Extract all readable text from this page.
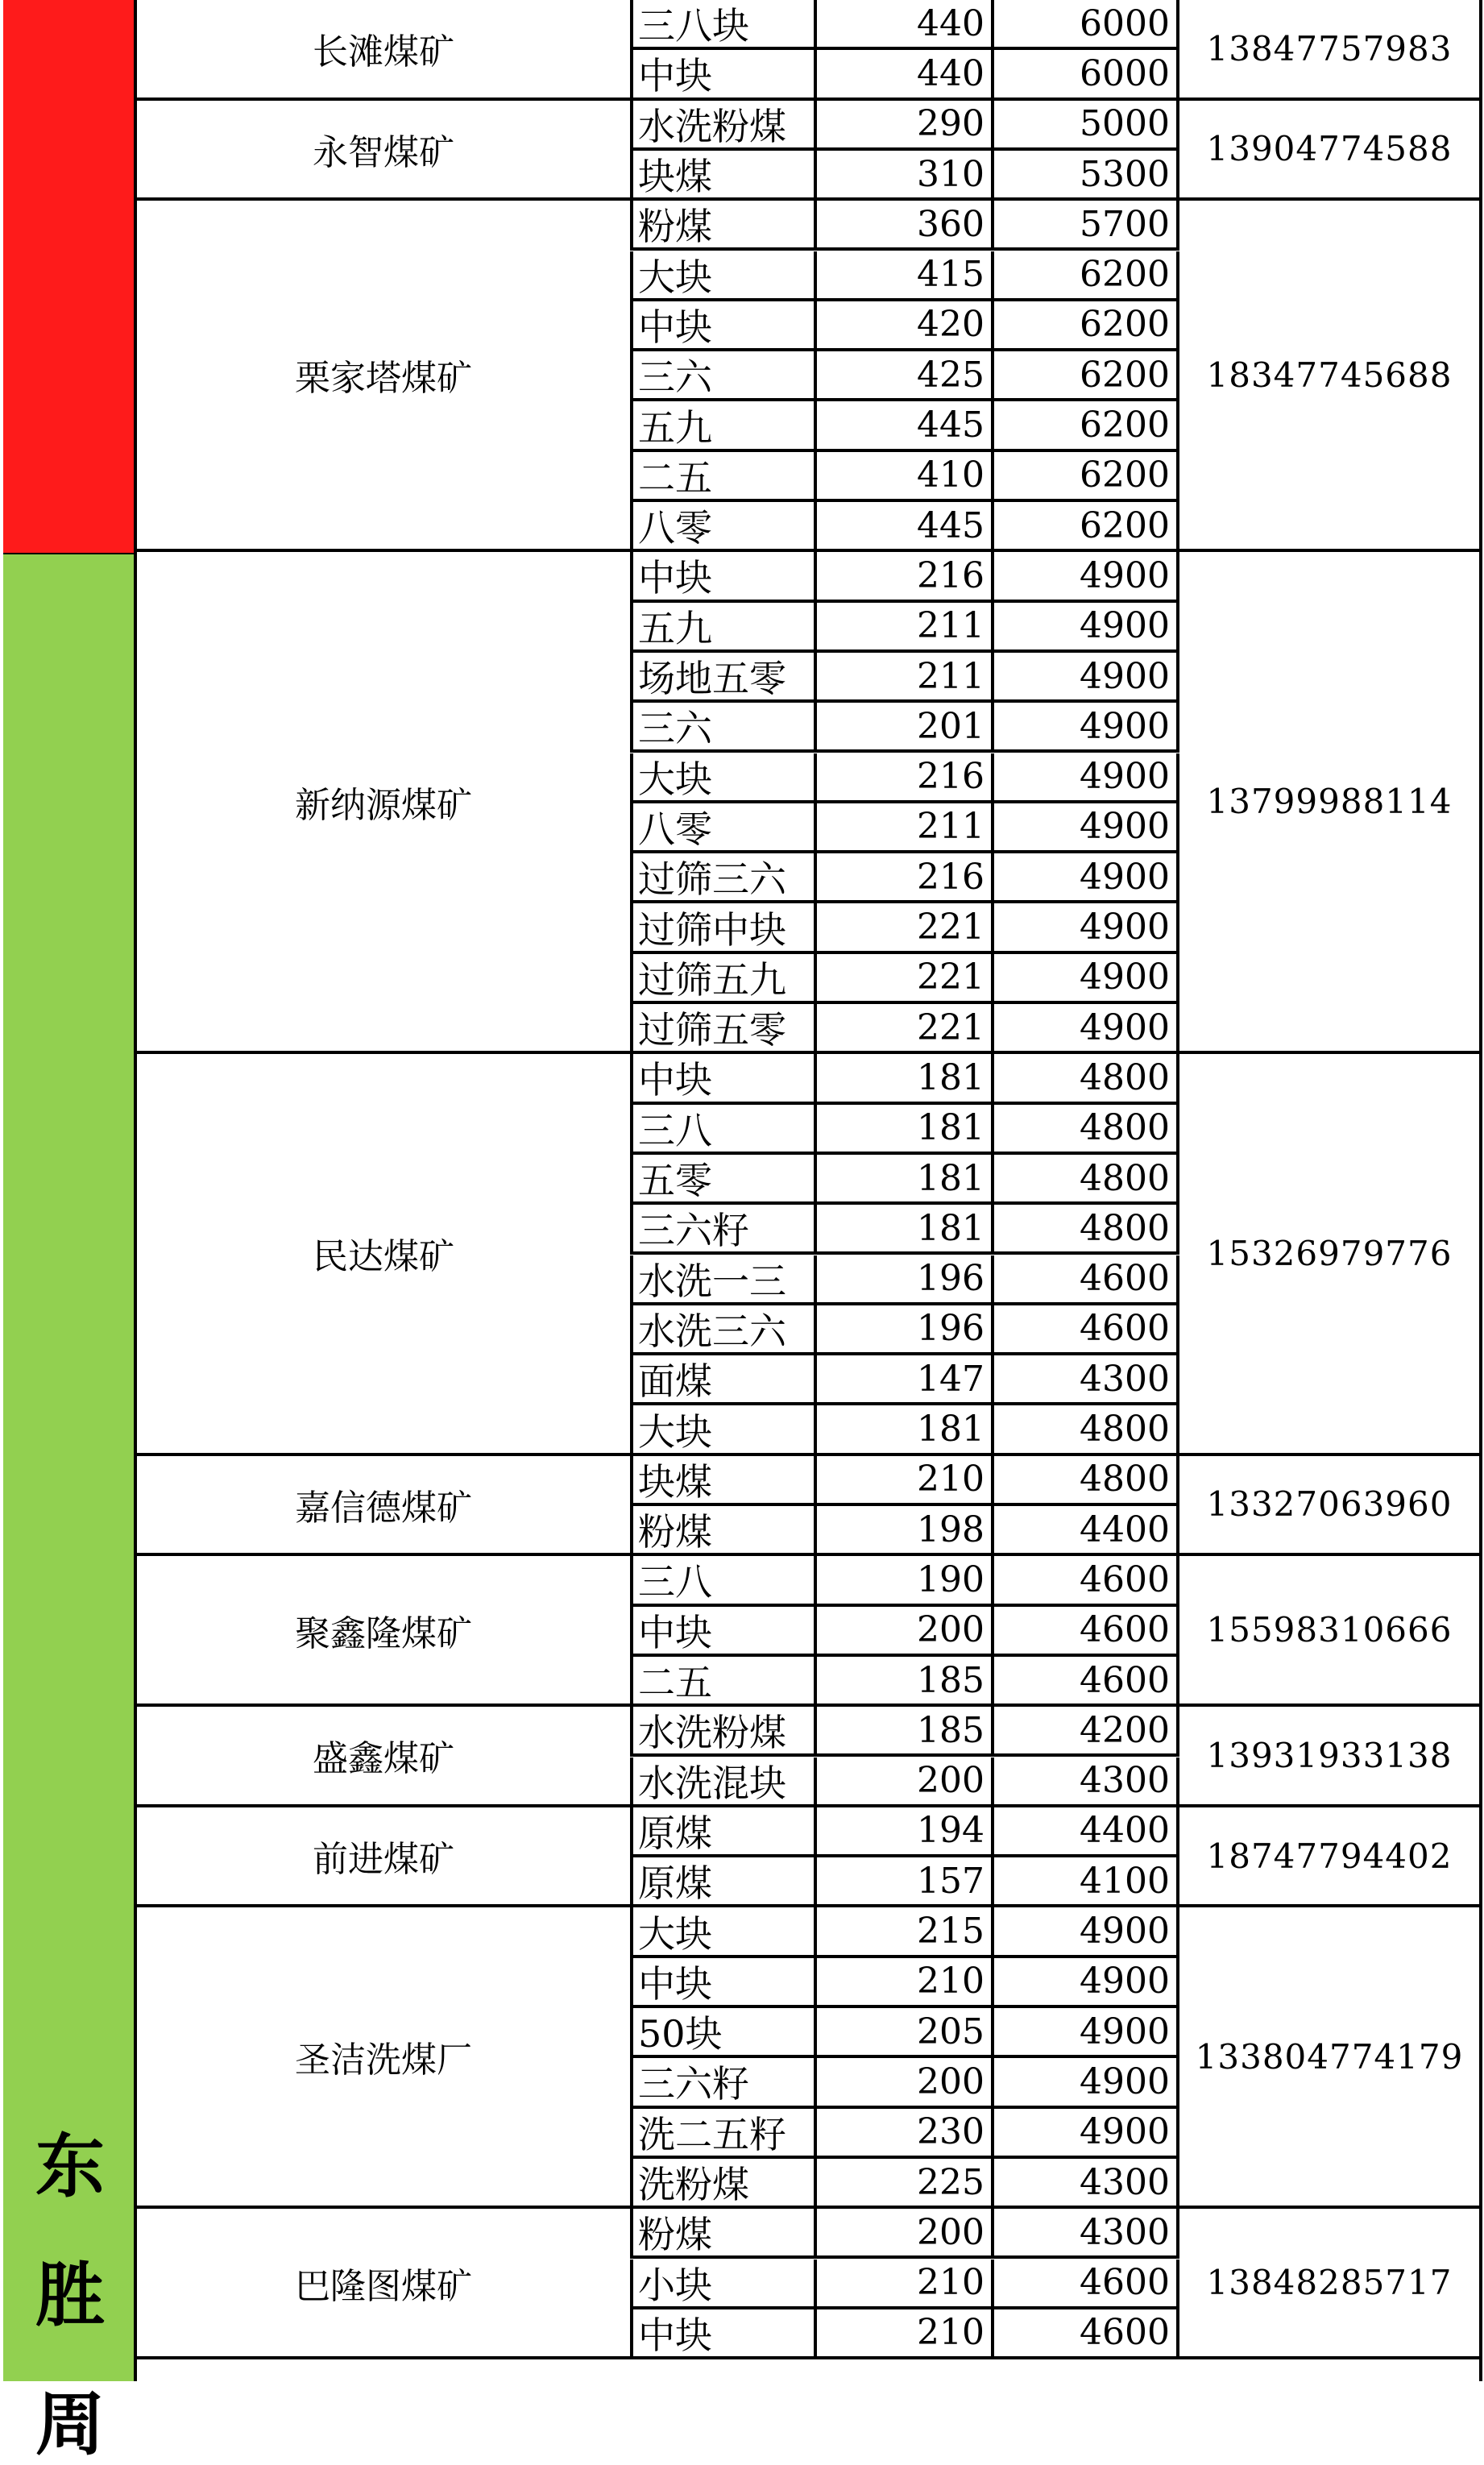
东
胜
周
长滩煤矿	13847757983
三八块	440	6000
中块	440	6000
永智煤矿	13904774588
水洗粉煤	290	5000
块煤	310	5300
栗家塔煤矿	18347745688
粉煤	360	5700
大块	415	6200
中块	420	6200
三六	425	6200
五九	445	6200
二五	410	6200
八零	445	6200
新纳源煤矿	13799988114
中块	216	4900
五九	211	4900
场地五零	211	4900
三六	201	4900
大块	216	4900
八零	211	4900
过筛三六	216	4900
过筛中块	221	4900
过筛五九	221	4900
过筛五零	221	4900
民达煤矿	15326979776
中块	181	4800
三八	181	4800
五零	181	4800
三六籽	181	4800
水洗一三	196	4600
水洗三六	196	4600
面煤	147	4300
大块	181	4800
嘉信德煤矿	13327063960
块煤	210	4800
粉煤	198	4400
聚鑫隆煤矿	15598310666
三八	190	4600
中块	200	4600
二五	185	4600
盛鑫煤矿	13931933138
水洗粉煤	185	4200
水洗混块	200	4300
前进煤矿	18747794402
原煤	194	4400
原煤	157	4100
圣洁洗煤厂	133804774179
大块	215	4900
中块	210	4900
50块	205	4900
三六籽	200	4900
洗二五籽	230	4900
洗粉煤	225	4300
巴隆图煤矿	13848285717
粉煤	200	4300
小块	210	4600
中块	210	4600
